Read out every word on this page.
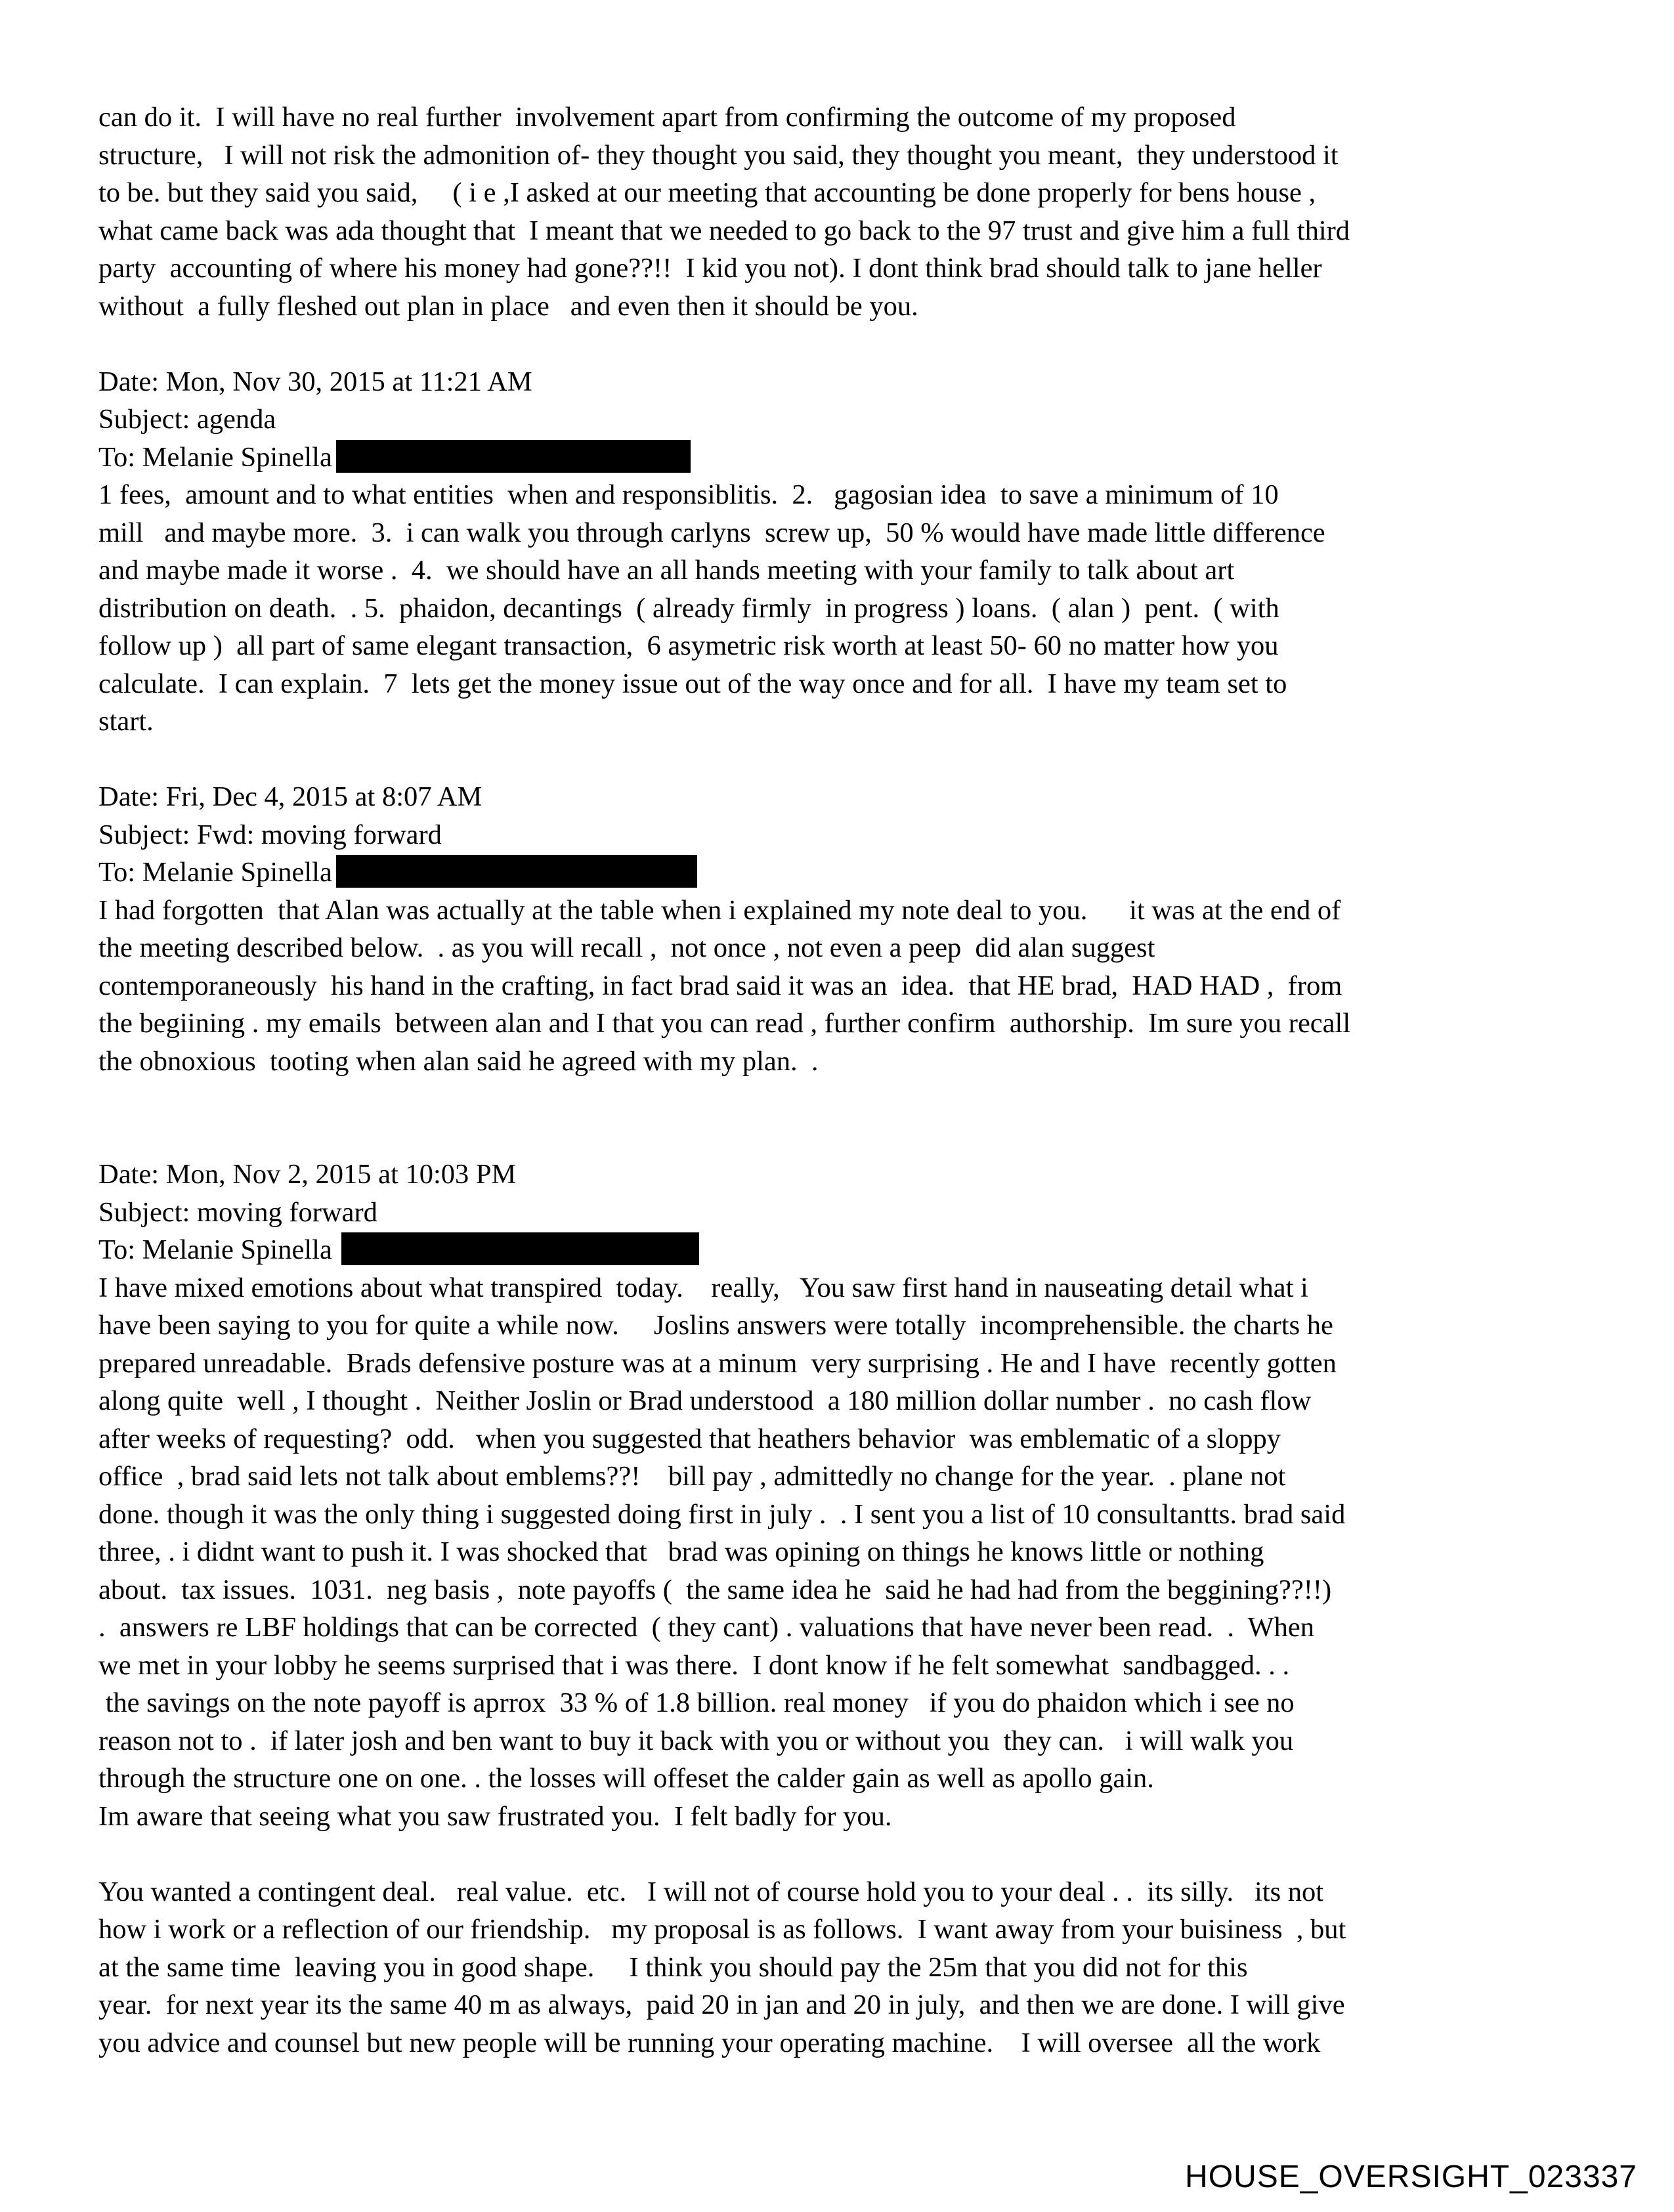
can do it.  I will have no real further  involvement apart from confirming the outcome of my proposed

structure,   I will not risk the admonition of- they thought you said, they thought you meant,  they understood it

to be. but they said you said,     ( i e ,I asked at our meeting that accounting be done properly for bens house ,

what came back was ada thought that  I meant that we needed to go back to the 97 trust and give him a full third

party  accounting of where his money had gone??!!  I kid you not). I dont think brad should talk to jane heller

without  a fully fleshed out plan in place   and even then it should be you.

Date: Mon, Nov 30, 2015 at 11:21 AM

Subject: agenda

To: Melanie Spinella

1 fees,  amount and to what entities  when and responsiblitis.  2.   gagosian idea  to save a minimum of 10

mill   and maybe more.  3.  i can walk you through carlyns  screw up,  50 % would have made little difference

and maybe made it worse .  4.  we should have an all hands meeting with your family to talk about art

distribution on death.  . 5.  phaidon, decantings  ( already firmly  in progress ) loans.  ( alan )  pent.  ( with

follow up )  all part of same elegant transaction,  6 asymetric risk worth at least 50- 60 no matter how you

calculate.  I can explain.  7  lets get the money issue out of the way once and for all.  I have my team set to

start.

Date: Fri, Dec 4, 2015 at 8:07 AM

Subject: Fwd: moving forward

To: Melanie Spinella

I had forgotten  that Alan was actually at the table when i explained my note deal to you.      it was at the end of

the meeting described below.  . as you will recall ,  not once , not even a peep  did alan suggest

contemporaneously  his hand in the crafting, in fact brad said it was an  idea.  that HE brad,  HAD HAD ,  from

the begiining . my emails  between alan and I that you can read , further confirm  authorship.  Im sure you recall

the obnoxious  tooting when alan said he agreed with my plan.  .

Date: Mon, Nov 2, 2015 at 10:03 PM

Subject: moving forward

To: Melanie Spinella

I have mixed emotions about what transpired  today.    really,   You saw first hand in nauseating detail what i

have been saying to you for quite a while now.     Joslins answers were totally  incomprehensible. the charts he

prepared unreadable.  Brads defensive posture was at a minum  very surprising . He and I have  recently gotten

along quite  well , I thought .  Neither Joslin or Brad understood  a 180 million dollar number .  no cash flow

after weeks of requesting?  odd.   when you suggested that heathers behavior  was emblematic of a sloppy

office  , brad said lets not talk about emblems??!    bill pay , admittedly no change for the year.  . plane not

done. though it was the only thing i suggested doing first in july .  . I sent you a list of 10 consultantts. brad said

three, . i didnt want to push it. I was shocked that   brad was opining on things he knows little or nothing

about.  tax issues.  1031.  neg basis ,  note payoffs (  the same idea he  said he had had from the beggining??!!)

.  answers re LBF holdings that can be corrected  ( they cant) . valuations that have never been read.  .  When

we met in your lobby he seems surprised that i was there.  I dont know if he felt somewhat  sandbagged. . .

the savings on the note payoff is aprrox  33 % of 1.8 billion. real money   if you do phaidon which i see no

reason not to .  if later josh and ben want to buy it back with you or without you  they can.   i will walk you

through the structure one on one. . the losses will offeset the calder gain as well as apollo gain.

Im aware that seeing what you saw frustrated you.  I felt badly for you.

You wanted a contingent deal.   real value.  etc.   I will not of course hold you to your deal . .  its silly.   its not

how i work or a reflection of our friendship.   my proposal is as follows.  I want away from your buisiness  , but

at the same time  leaving you in good shape.     I think you should pay the 25m that you did not for this

year.  for next year its the same 40 m as always,  paid 20 in jan and 20 in july,  and then we are done. I will give

you advice and counsel but new people will be running your operating machine.    I will oversee  all the work

HOUSE_OVERSIGHT_023337
